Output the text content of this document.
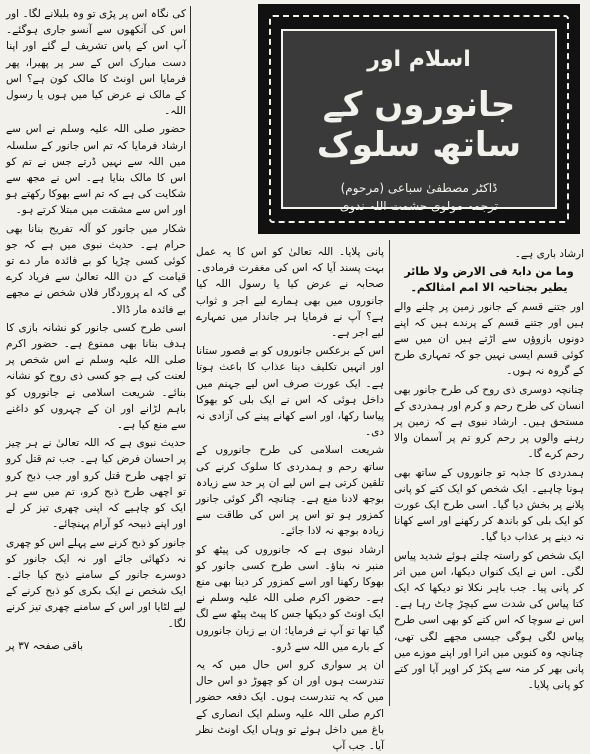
اسلام اور
جانوروں کے ساتھ سلوک
ڈاکٹر مصطفیٰ سباعی (مرحوم)
ترجمہ مولوی حشمت اللہ ندوی

ارشاد باری ہے۔

وما من دابۃ فی الارض ولا طائر یطیر بجناحیہ الا امم امثالکم۔

اور جتنے قسم کے جانور زمین پر چلنے والے ہیں اور جتنے قسم کے پرندے ہیں کہ اپنے دونوں بازوؤں سے اڑتے ہیں ان میں سے کوئی قسم ایسی نہیں جو کہ تمہاری طرح کے گروہ نہ ہوں۔

چنانچہ دوسری ذی روح کی طرح جانور بھی انسان کی طرح رحم و کرم اور ہمدردی کے مستحق ہیں۔ ارشاد نبوی ہے کہ زمین پر رہنے والوں پر رحم کرو تم پر آسمان والا رحم کرے گا۔

ہمدردی کا جذبہ تو جانوروں کے ساتھ بھی ہونا چاہیے۔ ایک شخص کو ایک کتے کو پانی پلانے پر بخش دیا گیا۔ اسی طرح ایک عورت کو ایک بلی کو باندھ کر رکھنے اور اسے کھانا نہ دینے پر عذاب دیا گیا۔

ایک شخص کو راستہ چلتے ہوئے شدید پیاس لگی۔ اس نے ایک کنواں دیکھا، اس میں اتر کر پانی پیا۔ جب باہر نکلا تو دیکھا کہ ایک کتا پیاس کی شدت سے کیچڑ چاٹ رہا ہے۔ اس نے سوچا کہ اس کتے کو بھی اسی طرح پیاس لگی ہوگی جیسی مجھے لگی تھی، چنانچہ وہ کنویں میں اترا اور اپنے موزے میں پانی بھر کر منہ سے پکڑ کر اوپر آیا اور کتے کو پانی پلایا۔

پانی پلایا۔ اللہ تعالیٰ کو اس کا یہ عمل بہت پسند آیا کہ اس کی مغفرت فرمادی۔ صحابہ نے عرض کیا یا رسول اللہ کیا جانوروں میں بھی ہمارے لیے اجر و ثواب ہے؟ آپ نے فرمایا ہر جاندار میں تمہارے لیے اجر ہے۔

اس کے برعکس جانوروں کو بے قصور ستانا اور انہیں تکلیف دینا عذاب کا باعث ہوتا ہے۔ ایک عورت صرف اس لیے جہنم میں داخل ہوئی کہ اس نے ایک بلی کو بھوکا پیاسا رکھا، اور اسے کھانے پینے کی آزادی نہ دی۔

شریعت اسلامی کی طرح جانوروں کے ساتھ رحم و ہمدردی کا سلوک کرنے کی تلقین کرتی ہے اس لیے ان پر حد سے زیادہ بوجھ لادنا منع ہے۔ چنانچہ اگر کوئی جانور کمزور ہو تو اس پر اس کی طاقت سے زیادہ بوجھ نہ لادا جائے۔

ارشاد نبوی ہے کہ جانوروں کی پیٹھ کو منبر نہ بناؤ۔ اسی طرح کسی جانور کو بھوکا رکھنا اور اسے کمزور کر دینا بھی منع ہے۔ حضور اکرم صلی اللہ علیہ وسلم نے ایک اونٹ کو دیکھا جس کا پیٹ پیٹھ سے لگ گیا تھا تو آپ نے فرمایا: ان بے زبان جانوروں کے بارے میں اللہ سے ڈرو۔

ان پر سواری کرو اس حال میں کہ یہ تندرست ہوں اور ان کو چھوڑ دو اس حال میں کہ یہ تندرست ہوں۔ ایک دفعہ حضور اکرم صلی اللہ علیہ وسلم ایک انصاری کے باغ میں داخل ہوئے تو وہاں ایک اونٹ نظر آیا۔ جب آپ

کی نگاہ اس پر پڑی تو وہ بلبلانے لگا۔ اور اس کی آنکھوں سے آنسو جاری ہوگئے۔ آپ اس کے پاس تشریف لے گئے اور اپنا دست مبارک اس کے سر پر پھیرا، پھر فرمایا اس اونٹ کا مالک کون ہے؟ اس کے مالک نے عرض کیا میں ہوں یا رسول اللہ۔

حضور صلی اللہ علیہ وسلم نے اس سے ارشاد فرمایا کہ تم اس جانور کے سلسلہ میں اللہ سے نہیں ڈرتے جس نے تم کو اس کا مالک بنایا ہے۔ اس نے مجھ سے شکایت کی ہے کہ تم اسے بھوکا رکھتے ہو اور اس سے مشقت میں مبتلا کرتے ہو۔

شکار میں جانور کو آلہ تفریح بنانا بھی حرام ہے۔ حدیث نبوی میں ہے کہ جو کوئی کسی چڑیا کو بے فائدہ مار دے تو قیامت کے دن اللہ تعالیٰ سے فریاد کرے گی کہ اے پروردگار فلاں شخص نے مجھے بے فائدہ مار ڈالا۔

اسی طرح کسی جانور کو نشانہ بازی کا ہدف بنانا بھی ممنوع ہے۔ حضور اکرم صلی اللہ علیہ وسلم نے اس شخص پر لعنت کی ہے جو کسی ذی روح کو نشانہ بنائے۔ شریعت اسلامی نے جانوروں کو باہم لڑانے اور ان کے چہروں کو داغنے سے منع کیا ہے۔

حدیث نبوی ہے کہ اللہ تعالیٰ نے ہر چیز پر احسان فرض کیا ہے۔ جب تم قتل کرو تو اچھی طرح قتل کرو اور جب ذبح کرو تو اچھی طرح ذبح کرو، تم میں سے ہر ایک کو چاہیے کہ اپنی چھری تیز کر لے اور اپنے ذبیحہ کو آرام پہنچائے۔

جانور کو ذبح کرنے سے پہلے اس کو چھری نہ دکھائی جائے اور نہ ایک جانور کو دوسرے جانور کے سامنے ذبح کیا جائے۔ ایک شخص نے ایک بکری کو ذبح کرنے کے لیے لٹایا اور اس کے سامنے چھری تیز کرنے لگا۔

باقی صفحہ ۳۷ پر
